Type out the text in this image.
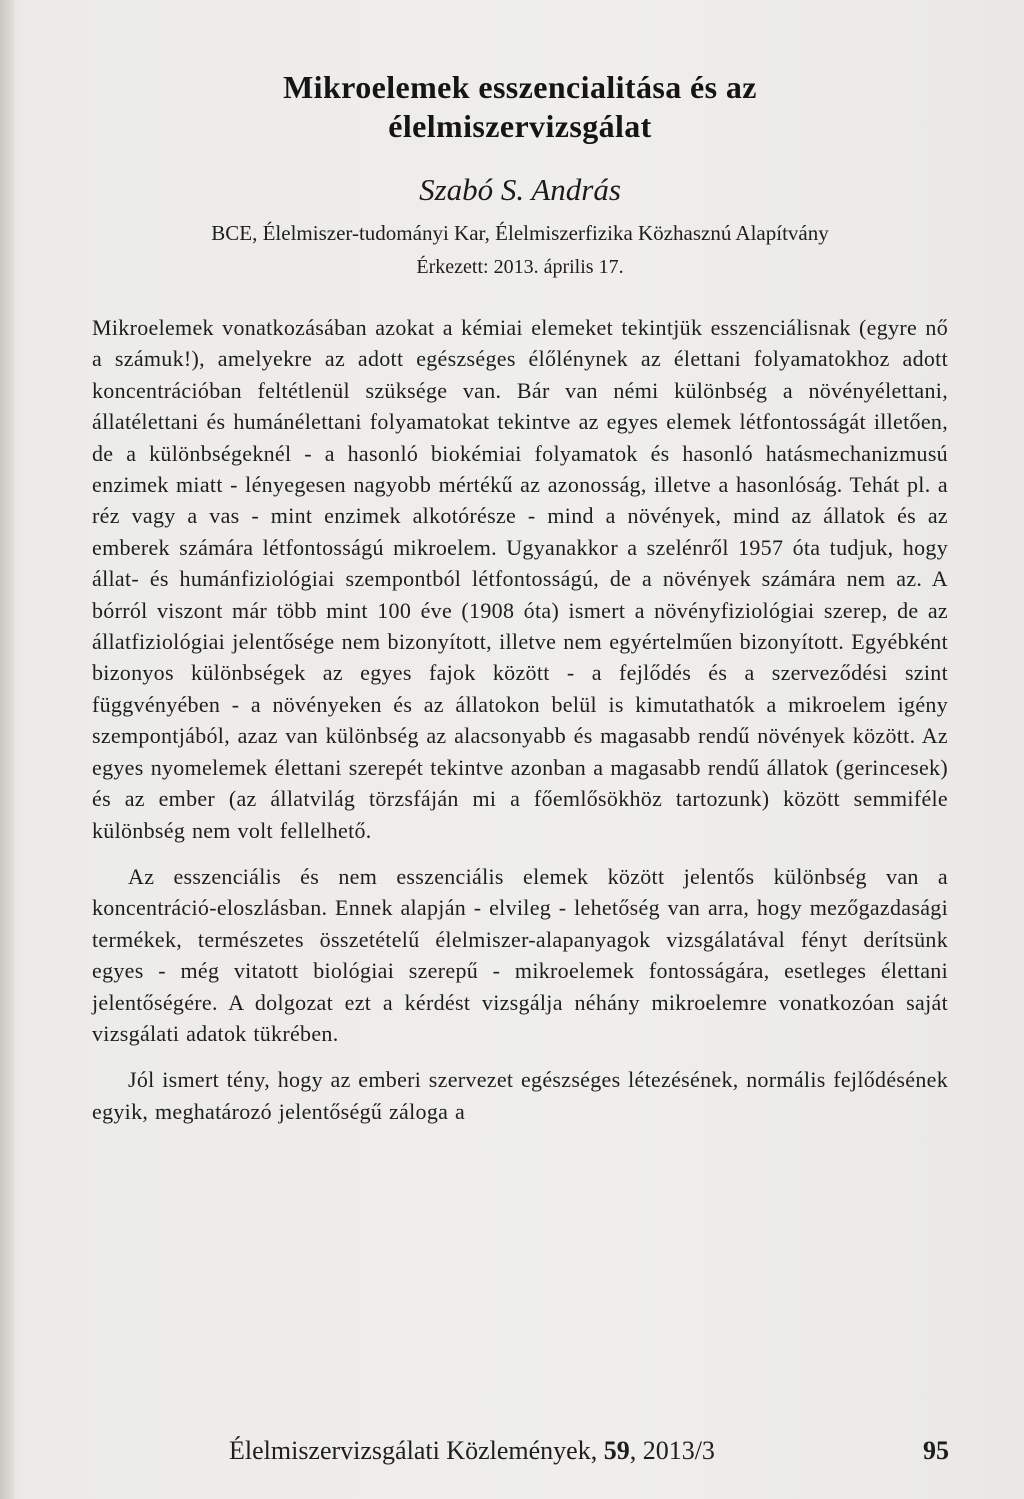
Mikroelemek esszencialitása és az
élelmiszervizsgálat
Szabó S. András
BCE, Élelmiszer-tudományi Kar, Élelmiszerfizika Közhasznú Alapítvány
Érkezett: 2013. április 17.

Mikroelemek vonatkozásában azokat a kémiai elemeket tekintjük esszenciálisnak (egyre nő a számuk!), amelyekre az adott egészséges élőlénynek az élettani folyamatokhoz adott koncentrációban feltétlenül szüksége van. Bár van némi különbség a növényélettani, állatélettani és humánélettani folyamatokat tekintve az egyes elemek létfontosságát illetően, de a különbségeknél - a hasonló biokémiai folyamatok és hasonló hatásmechanizmusú enzimek miatt - lényegesen nagyobb mértékű az azonosság, illetve a hasonlóság. Tehát pl. a réz vagy a vas - mint enzimek alkotórésze - mind a növények, mind az állatok és az emberek számára létfontosságú mikroelem. Ugyanakkor a szelénről 1957 óta tudjuk, hogy állat- és humánfiziológiai szempontból létfontosságú, de a növények számára nem az. A bórról viszont már több mint 100 éve (1908 óta) ismert a növényfiziológiai szerep, de az állatfiziológiai jelentősége nem bizonyított, illetve nem egyértelműen bizonyított. Egyébként bizonyos különbségek az egyes fajok között - a fejlődés és a szerveződési szint függvényében - a növényeken és az állatokon belül is kimutathatók a mikroelem igény szempontjából, azaz van különbség az alacsonyabb és magasabb rendű növények között. Az egyes nyomelemek élettani szerepét tekintve azonban a magasabb rendű állatok (gerincesek) és az ember (az állatvilág törzsfáján mi a főemlősökhöz tartozunk) között semmiféle különbség nem volt fellelhető.

Az esszenciális és nem esszenciális elemek között jelentős különbség van a koncentráció-eloszlásban. Ennek alapján - elvileg - lehetőség van arra, hogy mezőgazdasági termékek, természetes összetételű élelmiszer-alapanyagok vizsgálatával fényt derítsünk egyes - még vitatott biológiai szerepű - mikroelemek fontosságára, esetleges élettani jelentőségére. A dolgozat ezt a kérdést vizsgálja néhány mikroelemre vonatkozóan saját vizsgálati adatok tükrében.

Jól ismert tény, hogy az emberi szervezet egészséges létezésének, normális fejlődésének egyik, meghatározó jelentőségű záloga a

Élelmiszervizsgálati Közlemények, 59, 2013/3	95
